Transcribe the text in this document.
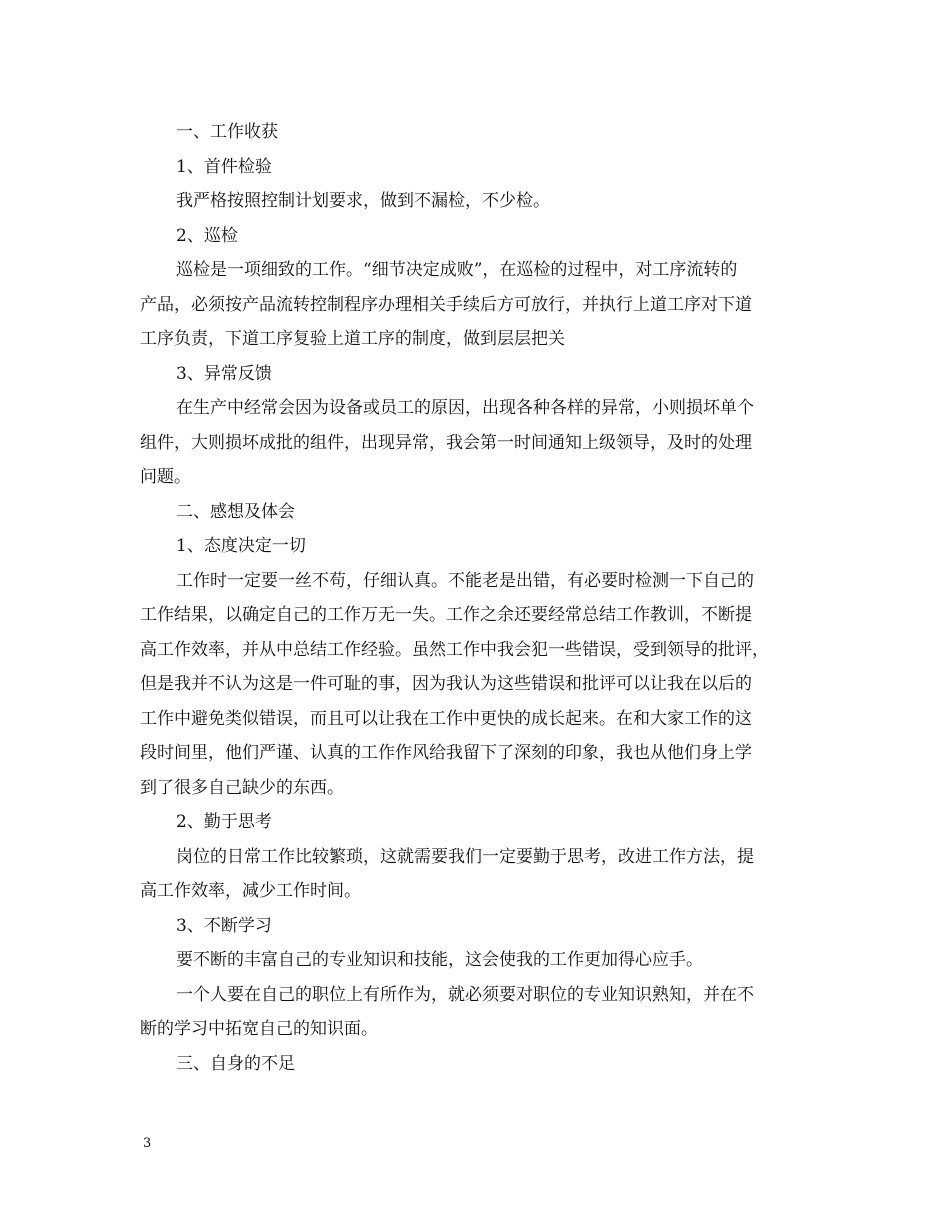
一、工作收获

1、首件检验

我严格按照控制计划要求，做到不漏检，不少检。

2、巡检

巡检是一项细致的工作。“细节决定成败”，在巡检的过程中，对工序流转的

产品，必须按产品流转控制程序办理相关手续后方可放行，并执行上道工序对下道

工序负责，下道工序复验上道工序的制度，做到层层把关

3、异常反馈

在生产中经常会因为设备或员工的原因，出现各种各样的异常，小则损坏单个

组件，大则损坏成批的组件，出现异常，我会第一时间通知上级领导，及时的处理

问题。

二、感想及体会

1、态度决定一切

工作时一定要一丝不苟，仔细认真。不能老是出错，有必要时检测一下自己的

工作结果，以确定自己的工作万无一失。工作之余还要经常总结工作教训，不断提

高工作效率，并从中总结工作经验。虽然工作中我会犯一些错误，受到领导的批评，

但是我并不认为这是一件可耻的事，因为我认为这些错误和批评可以让我在以后的

工作中避免类似错误，而且可以让我在工作中更快的成长起来。在和大家工作的这

段时间里，他们严谨、认真的工作作风给我留下了深刻的印象，我也从他们身上学

到了很多自己缺少的东西。

2、勤于思考

岗位的日常工作比较繁琐，这就需要我们一定要勤于思考，改进工作方法，提

高工作效率，减少工作时间。

3、不断学习

要不断的丰富自己的专业知识和技能，这会使我的工作更加得心应手。

一个人要在自己的职位上有所作为，就必须要对职位的专业知识熟知，并在不

断的学习中拓宽自己的知识面。

三、自身的不足

3
